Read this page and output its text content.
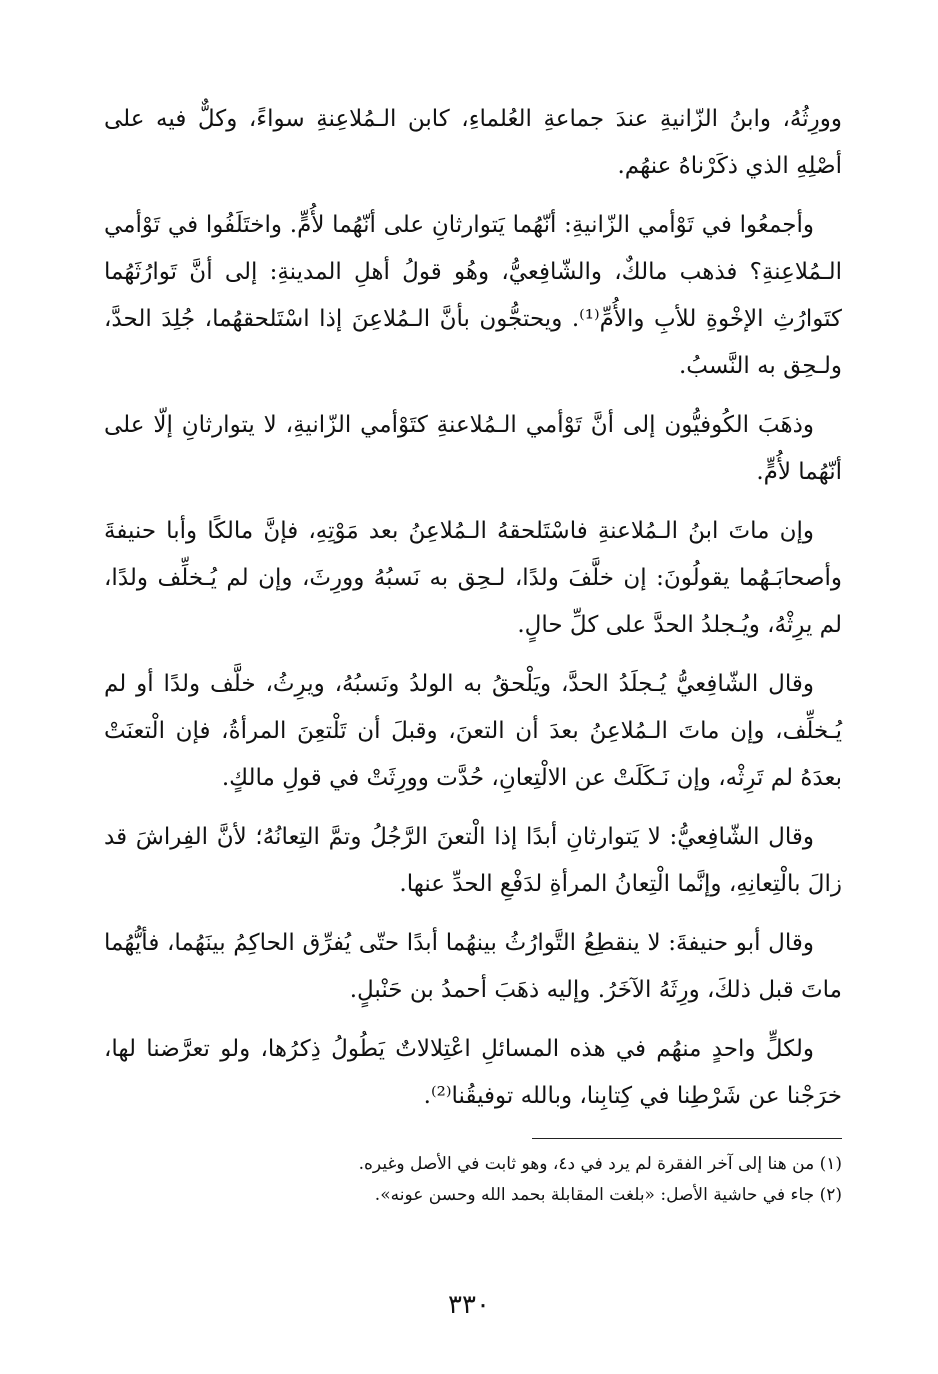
وورِثُهُ، وابنُ الزّانيةِ عندَ جماعةِ العُلماءِ، كابن الـمُلاعِنةِ سواءً، وكلٌّ فيه على أصْلِهِ الذي ذكَرْناهُ عنهُم.

وأجمعُوا في تَوْأمي الزّانيةِ: أنّهُما يَتوارثانِ على أنّهُما لأُمٍّ. واختَلَفُوا في تَوْأمي الـمُلاعِنةِ؟ فذهب مالكٌ، والشّافِعيُّ، وهُو قولُ أهلِ المدينةِ: إلى أنَّ تَوارُثَهُما كتَوارُثِ الإخْوةِ للأبِ والأُمِّ⁽¹⁾. ويحتجُّون بأنَّ الـمُلاعِنَ إذا اسْتَلحقهُما، جُلِدَ الحدَّ، ولـحِق به النَّسبُ.

وذهَبَ الكُوفيُّون إلى أنَّ تَوْأمي الـمُلاعنةِ كتَوْأمي الزّانيةِ، لا يتوارثانِ إلّا على أنّهُما لأُمٍّ.

وإن ماتَ ابنُ الـمُلاعنةِ فاسْتَلحقهُ الـمُلاعِنُ بعد مَوْتِهِ، فإنَّ مالكًا وأبا حنيفةَ وأصحابَـهُما يقولُونَ: إن خلَّفَ ولدًا، لـحِق به نَسبُهُ وورِثَ، وإن لم يُـخلِّف ولدًا، لم يرِثْهُ، ويُـجلدُ الحدَّ على كلِّ حالٍ.

وقال الشّافِعيُّ يُـجلَدُ الحدَّ، ويَلْحقُ به الولدُ ونَسبُهُ، ويرِثُ، خلَّف ولدًا أو لم يُـخلِّف، وإن ماتَ الـمُلاعِنُ بعدَ أن التعنَ، وقبلَ أن تَلْتعِنَ المرأةُ، فإن الْتعنَتْ بعدَهُ لم تَرِثْه، وإن نَـكَلَتْ عن الالْتِعانِ، حُدَّت وورِثَتْ في قولِ مالكٍ.

وقال الشّافِعيُّ: لا يَتوارثانِ أبدًا إذا الْتعنَ الرَّجُلُ وتمَّ التِعانُهُ؛ لأنَّ الفِراشَ قد زالَ بالْتِعانِهِ، وإنَّما الْتِعانُ المرأةِ لدَفْعِ الحدِّ عنها.

وقال أبو حنيفةَ: لا ينقطِعُ التَّوارُثُ بينهُما أبدًا حتّى يُفرِّق الحاكِمُ بينَهُما، فأيُّهُما ماتَ قبل ذلكَ، ورِثَهُ الآخَرُ. وإليه ذهَبَ أحمدُ بن حَنْبلٍ.

ولكلٍّ واحدٍ منهُم في هذه المسائلِ اعْتِلالاتٌ يَطُولُ ذِكرُها، ولو تعرَّضنا لها، خرَجْنا عن شَرْطِنا في كِتابِنا، وبالله توفيقُنا⁽²⁾.

(١) من هنا إلى آخر الفقرة لم يرد في د٤، وهو ثابت في الأصل وغيره.

(٢) جاء في حاشية الأصل: «بلغت المقابلة بحمد الله وحسن عونه».

٣٣٠
